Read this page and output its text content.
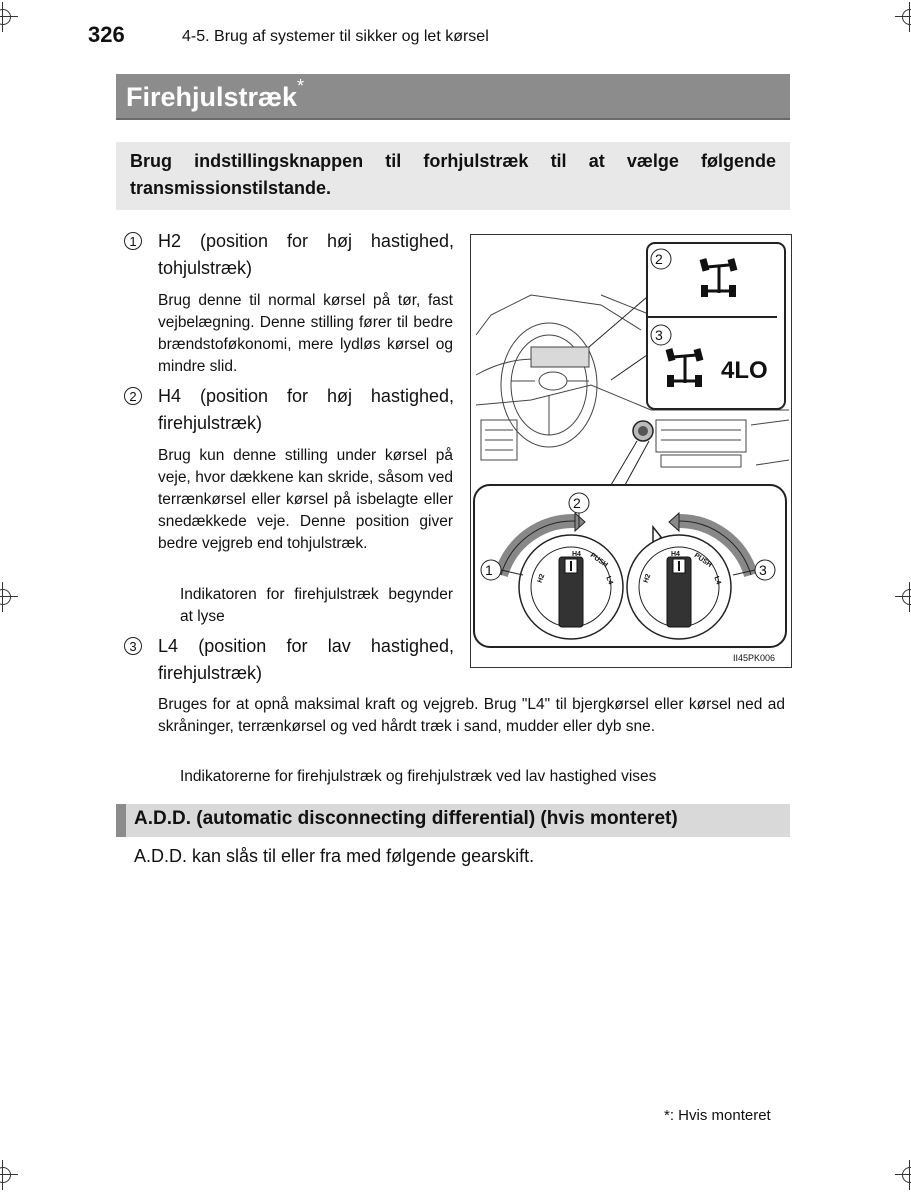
326	4-5. Brug af systemer til sikker og let kørsel
Firehjulstræk*
Brug indstillingsknappen til forhjulstræk til at vælge følgende transmissionstilstande.
1	H2 (position for høj hastighed, tohjulstræk)
Brug denne til normal kørsel på tør, fast vejbelægning. Denne stilling fører til bedre brændstoføkonomi, mere lydløs kørsel og mindre slid.
2	H4 (position for høj hastighed, firehjulstræk)
Brug kun denne stilling under kørsel på veje, hvor dækkene kan skride, såsom ved terrænkørsel eller kørsel på isbelagte eller snedækkede veje. Denne position giver bedre vejgreb end tohjulstræk.
Indikatoren for firehjulstræk begynder at lyse
3	L4 (position for lav hastighed, firehjulstræk)
Bruges for at opnå maksimal kraft og vejgreb. Brug "L4" til bjergkørsel eller kørsel ned ad skråninger, terrænkørsel og ved hårdt træk i sand, mudder eller dyb sne.
Indikatorerne for firehjulstræk og firehjulstræk ved lav hastighed vises
2
3
4LO
2
1	3
H4 PUSH
H2	L4
H4 PUSH
H2	L4
II45PK006
A.D.D. (automatic disconnecting differential) (hvis monteret)
A.D.D. kan slås til eller fra med følgende gearskift.
*: Hvis monteret
